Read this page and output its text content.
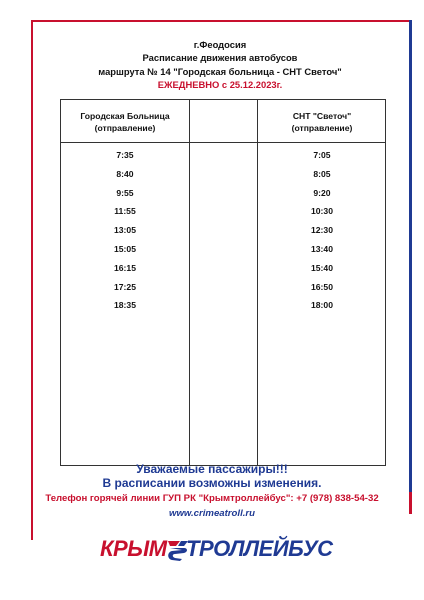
г.Феодосия
Расписание движения автобусов
маршрута № 14 "Городская больница - СНТ Светоч"
ЕЖЕДНЕВНО с 25.12.2023г.
Городская Больница
(отправление)
СНТ "Светоч"
(отправление)
7:35
8:40
9:55
11:55
13:05
15:05
16:15
17:25
18:35
7:05
8:05
9:20
10:30
12:30
13:40
15:40
16:50
18:00
Уважаемые пассажиры!!!
В расписании возможны изменения.
Телефон горячей линии ГУП РК "Крымтроллейбус": +7 (978) 838-54-32
www.crimeatroll.ru
КРЫМ ТРОЛЛЕЙБУС
